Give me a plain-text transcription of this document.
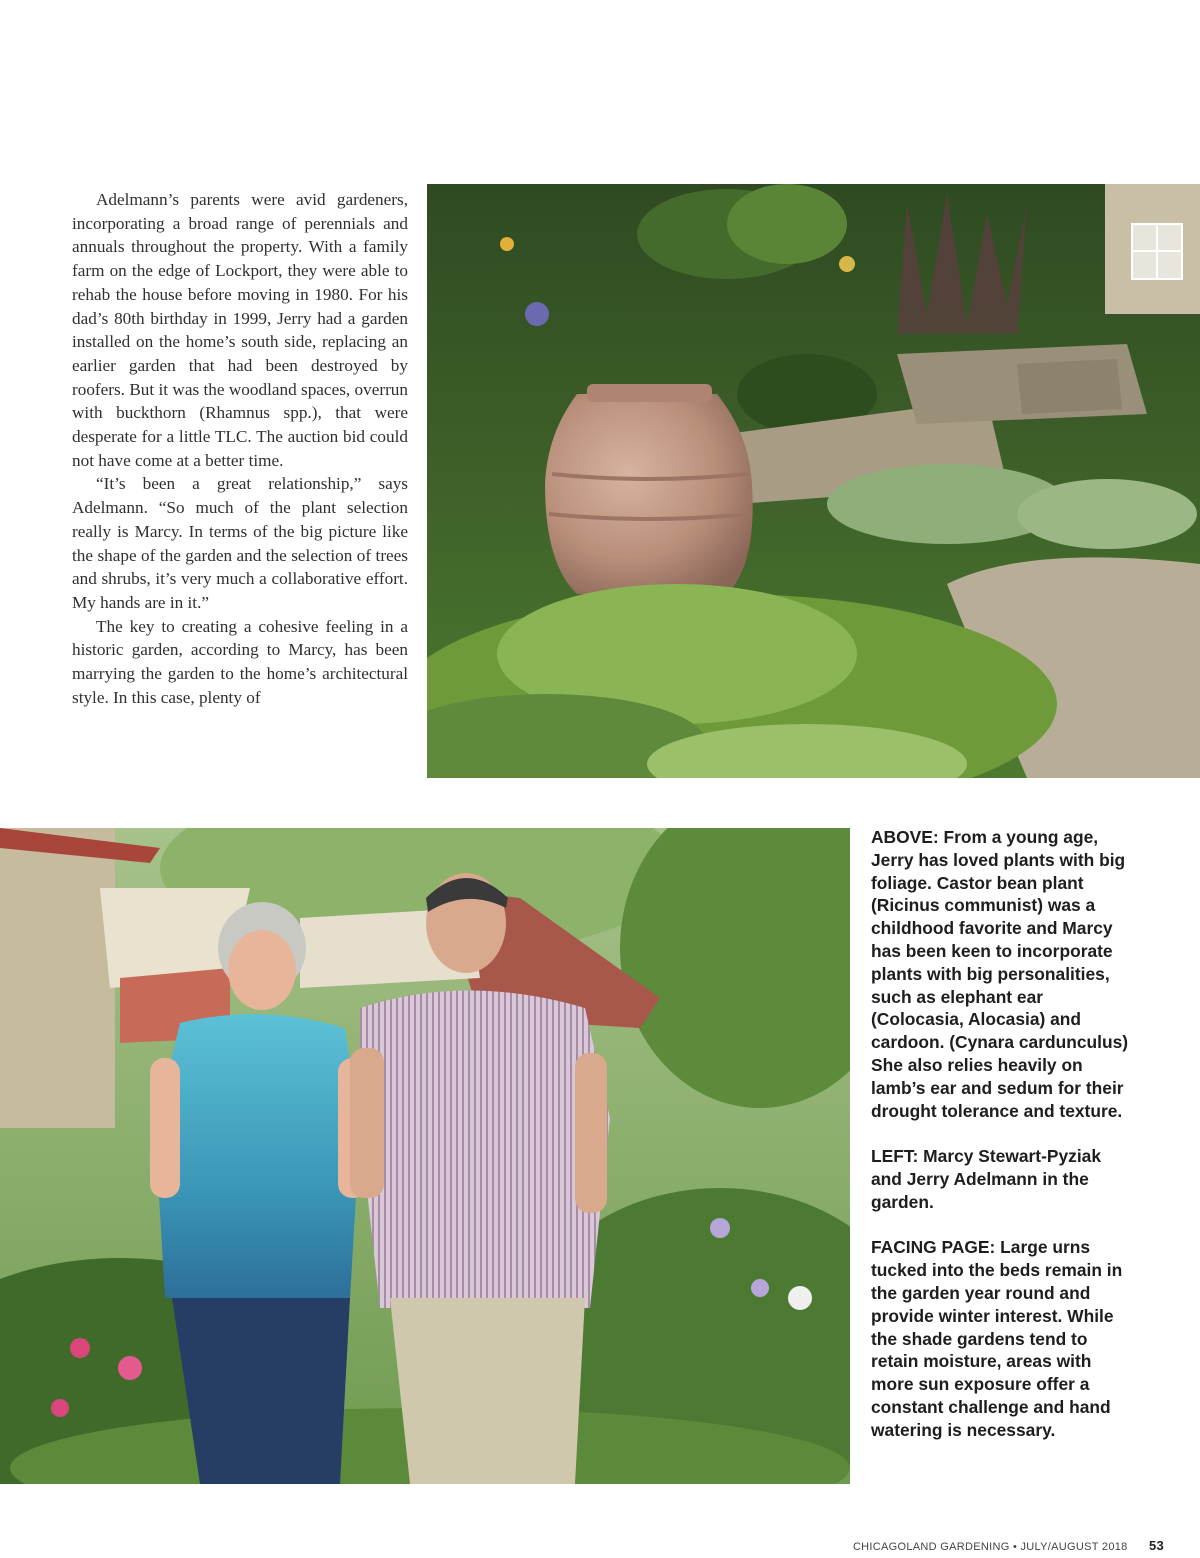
Adelmann’s parents were avid gardeners, incorporating a broad range of perennials and annuals throughout the property. With a family farm on the edge of Lockport, they were able to rehab the house before moving in 1980. For his dad’s 80th birthday in 1999, Jerry had a garden installed on the home’s south side, replacing an earlier garden that had been destroyed by roofers. But it was the woodland spaces, overrun with buckthorn (Rhamnus spp.), that were desperate for a little TLC. The auction bid could not have come at a better time.

“It’s been a great relationship,” says Adelmann. “So much of the plant selection really is Marcy. In terms of the big picture like the shape of the garden and the selection of trees and shrubs, it’s very much a collaborative effort. My hands are in it.”

The key to creating a cohesive feeling in a historic garden, according to Marcy, has been marrying the garden to the home’s architectural style. In this case, plenty of

ABOVE: From a young age, Jerry has loved plants with big foliage. Castor bean plant (Ricinus communist) was a childhood favorite and Marcy has been keen to incorporate plants with big personalities, such as elephant ear (Colocasia, Alocasia) and cardoon. (Cynara cardunculus) She also relies heavily on lamb’s ear and sedum for their drought tolerance and texture.

LEFT: Marcy Stewart-Pyziak and Jerry Adelmann in the garden.

FACING PAGE: Large urns tucked into the beds remain in the garden year round and provide winter interest. While the shade gardens tend to retain moisture, areas with more sun exposure offer a constant challenge and hand watering is necessary.

CHICAGOLAND GARDENING • JULY/AUGUST 2018 53
